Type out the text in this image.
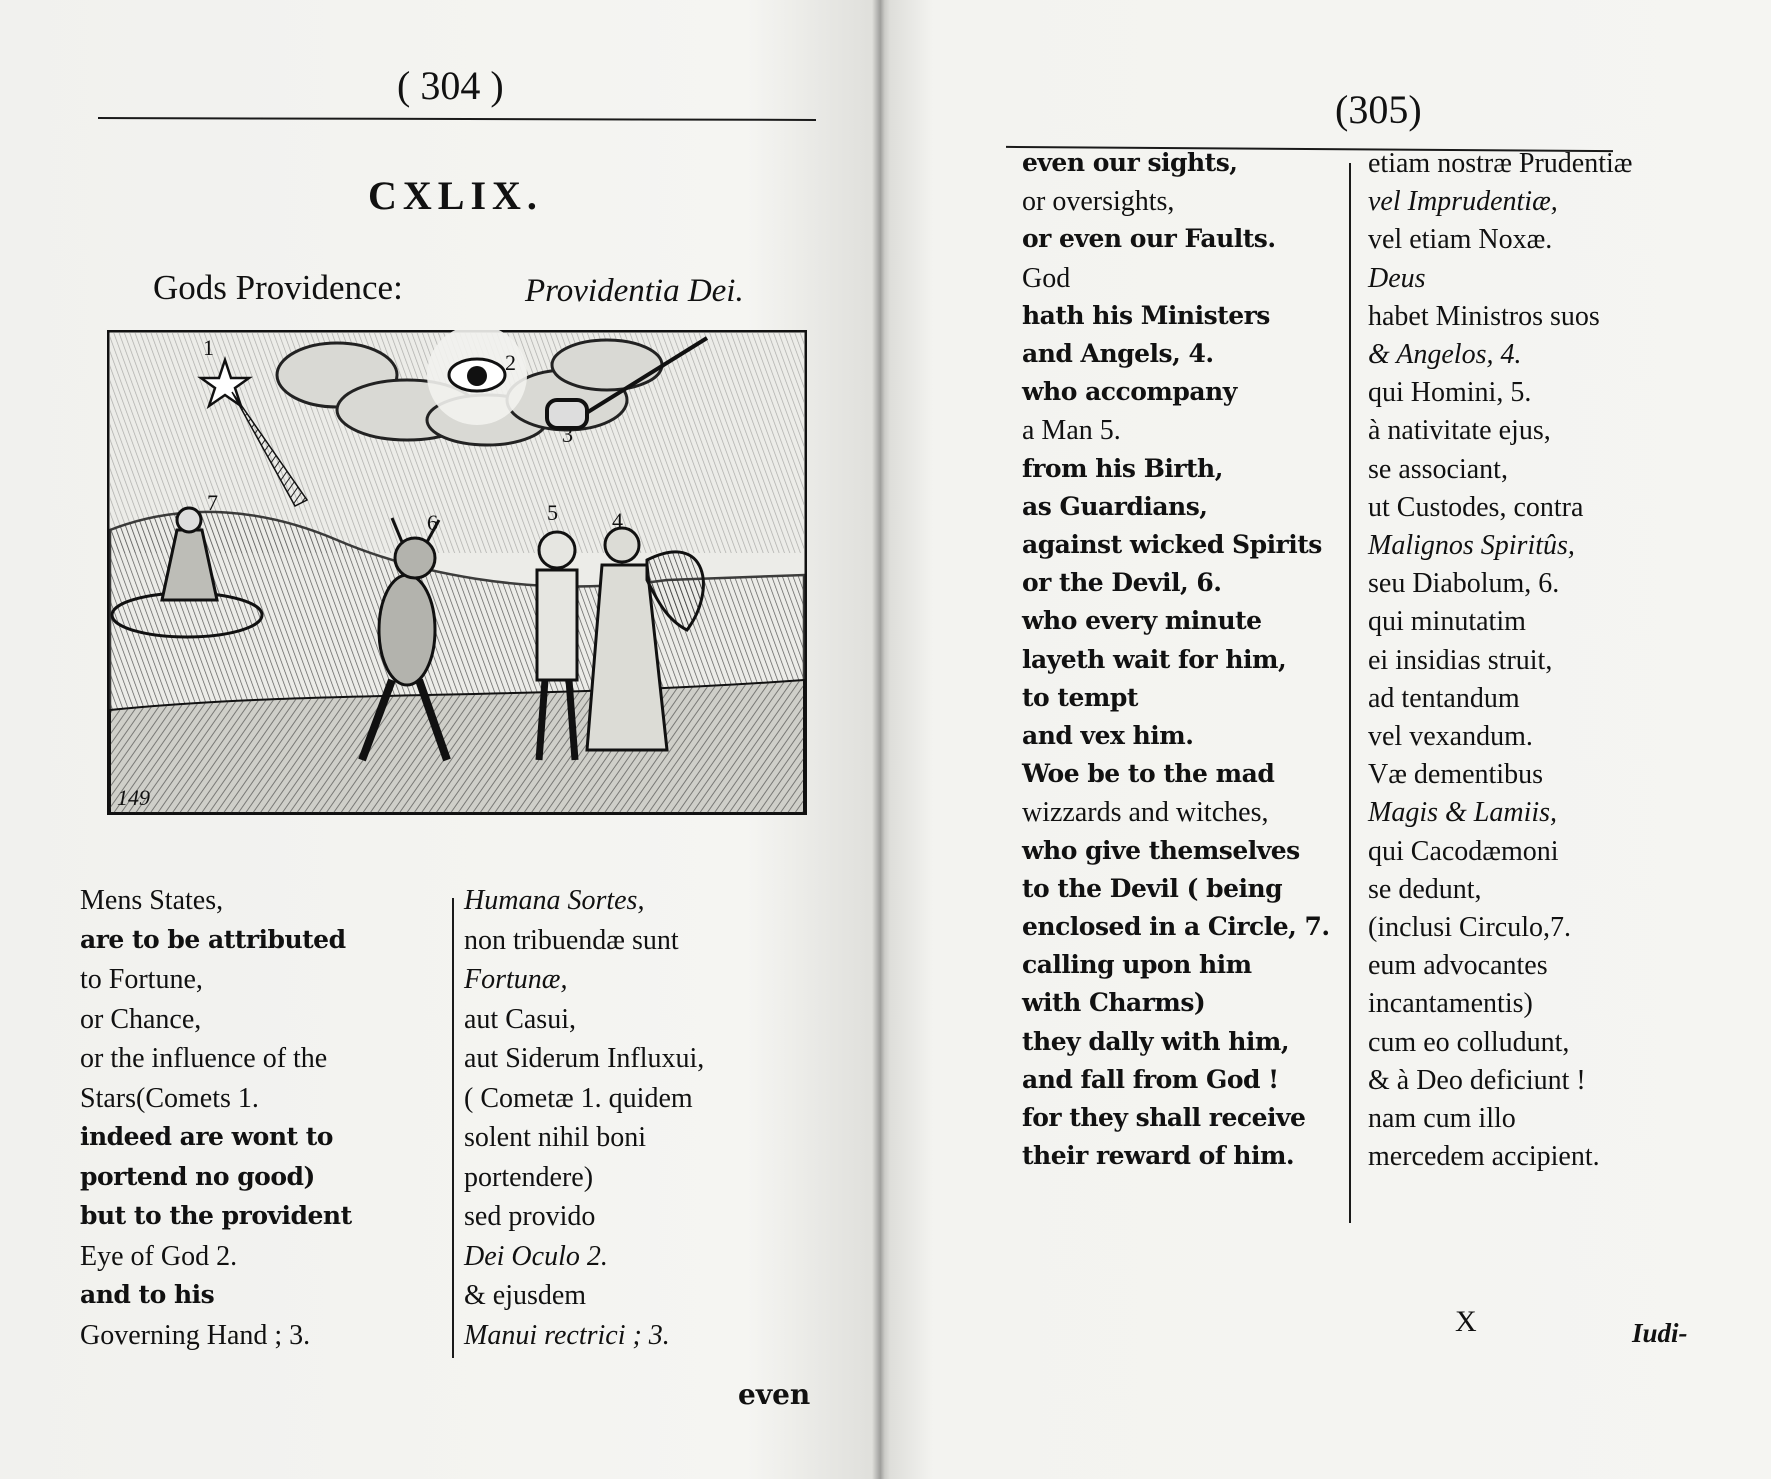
( 304 )
CXLIX.
Gods Providence:	Providentia Dei.
1
2
3
4
5
6
7
149
Mens States,
are to be attributed
to Fortune,
or Chance,
or the influence of the
Stars(Comets 1.
indeed are wont to
portend no good)
but to the provident
Eye of God 2.
and to his
Governing Hand ; 3.
Humana Sortes,
non tribuendæ sunt
Fortunæ,
aut Casui,
aut Siderum Influxui,
( Cometæ 1. quidem
solent nihil boni
portendere)
sed provido
Dei Oculo 2.
& ejusdem
Manui rectrici ; 3.
even
(305)
even our sights,
or oversights,
or even our Faults.
God
hath his Ministers
and Angels, 4.
who accompany
a Man 5.
from his Birth,
as Guardians,
against wicked Spirits
or the Devil, 6.
who every minute
layeth wait for him,
to tempt
and vex him.
Woe be to the mad
wizzards and witches,
who give themselves
to the Devil ( being
enclosed in a Circle, 7.
calling upon him
with Charms)
they dally with him,
and fall from God !
for they shall receive
their reward of him.
etiam nostræ Prudentiæ
vel Imprudentiæ,
vel etiam Noxæ.
Deus
habet Ministros suos
& Angelos, 4.
qui Homini, 5.
à nativitate ejus,
se associant,
ut Custodes, contra
Malignos Spiritûs,
seu Diabolum, 6.
qui minutatim
ei insidias struit,
ad tentandum
vel vexandum.
Væ dementibus
Magis & Lamiis,
qui Cacodæmoni
se dedunt,
(inclusi Circulo,7.
eum advocantes
incantamentis)
cum eo colludunt,
& à Deo deficiunt !
nam cum illo
mercedem accipient.
X	Iudi-
